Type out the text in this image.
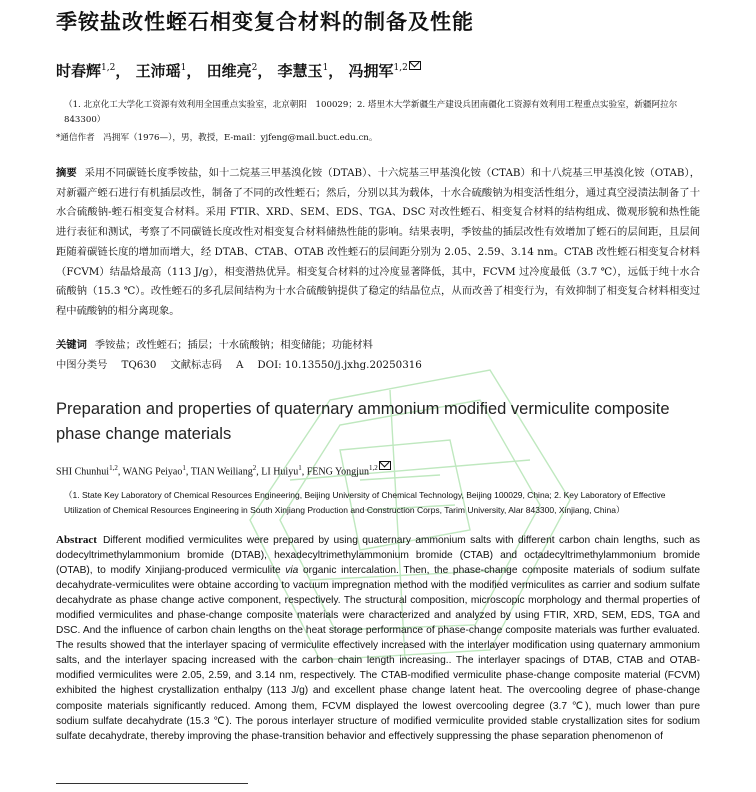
季铵盐改性蛭石相变复合材料的制备及性能
时春辉$^{1,2}$， 王沛瑶$^1$， 田维亮$^2$， 李慧玉$^1$， 冯拥军$^{1,2}$
（1. 北京化工大学化工资源有效利用全国重点实验室，北京朝阳　100029；2. 塔里木大学新疆生产建设兵团南疆化工资源有效利用工程重点实验室，新疆阿拉尔　843300）
*通信作者　冯拥军（1976—），男，教授，E-mail：yjfeng@mail.buct.edu.cn。
摘要 采用不同碳链长度季铵盐，如十二烷基三甲基溴化铵（DTAB）、十六烷基三甲基溴化铵（CTAB）和十八烷基三甲基溴化铵（OTAB），对新疆产蛭石进行有机插层改性，制备了不同的改性蛭石；然后，分别以其为载体，十水合硫酸钠为相变活性组分，通过真空浸渍法制备了十水合硫酸钠-蛭石相变复合材料。采用 FTIR、XRD、SEM、EDS、TGA、DSC 对改性蛭石、相变复合材料的结构组成、微观形貌和热性能进行表征和测试，考察了不同碳链长度改性对相变复合材料储热性能的影响。结果表明，季铵盐的插层改性有效增加了蛭石的层间距，且层间距随着碳链长度的增加而增大，经 DTAB、CTAB、OTAB 改性蛭石的层间距分别为 2.05、2.59、3.14 nm。CTAB 改性蛭石相变复合材料（FCVM）结晶焓最高（113 J/g），相变潜热优异。相变复合材料的过冷度显著降低，其中，FCVM 过冷度最低（3.7 ℃），远低于纯十水合硫酸钠（15.3 ℃）。改性蛭石的多孔层间结构为十水合硫酸钠提供了稳定的结晶位点，从而改善了相变行为，有效抑制了相变复合材料相变过程中硫酸钠的相分离现象。
关键词 季铵盐；改性蛭石；插层；十水硫酸钠；相变储能；功能材料
中图分类号 TQ630 文献标志码 A DOI: 10.13550/j.jxhg.20250316
Preparation and properties of quaternary ammonium modified vermiculite composite phase change materials
SHI Chunhui$^{1,2}$, WANG Peiyao$^1$, TIAN Weiliang$^2$, LI Huiyu$^1$, FENG Yongjun$^{1,2}$
（1. State Key Laboratory of Chemical Resources Engineering, Beijing University of Chemical Technology, Beijing 100029, China; 2. Key Laboratory of Effective Utilization of Chemical Resources Engineering in South Xinjiang Production and Construction Corps, Tarim University, Alar 843300, Xinjiang, China）
Abstract Different modified vermiculites were prepared by using quaternary ammonium salts with different carbon chain lengths, such as dodecyltrimethylammonium bromide (DTAB), hexadecyltrimethylammonium bromide (CTAB) and octadecyltrimethylammonium bromide (OTAB), to modify Xinjiang-produced vermiculite via organic intercalation. Then, the phase-change composite materials of sodium sulfate decahydrate-vermiculites were obtaine according to vacuum impregnation method with the modified vermiculites as carrier and sodium sulfate decahydrate as phase change active component, respectively. The structural composition, microscopic morphology and thermal properties of modified vermiculites and phase-change composite materials were characterized and analyzed by using FTIR, XRD, SEM, EDS, TGA and DSC. And the influence of carbon chain lengths on the heat storage performance of phase-change composite materials was further evaluated. The results showed that the interlayer spacing of vermiculite effectively increased with the interlayer modification using quaternary ammonium salts, and the interlayer spacing increased with the carbon chain length increasing.. The interlayer spacings of DTAB, CTAB and OTAB-modified vermiculites were 2.05, 2.59, and 3.14 nm, respectively. The CTAB-modified vermiculite phase-change composite material (FCVM) exhibited the highest crystallization enthalpy (113 J/g) and excellent phase change latent heat. The overcooling degree of phase-change composite materials significantly reduced. Among them, FCVM displayed the lowest overcooling degree (3.7 ℃), much lower than pure sodium sulfate decahydrate (15.3 ℃). The porous interlayer structure of modified vermiculite provided stable crystallization sites for sodium sulfate decahydrate, thereby improving the phase-transition behavior and effectively suppressing the phase separation phenomenon of
